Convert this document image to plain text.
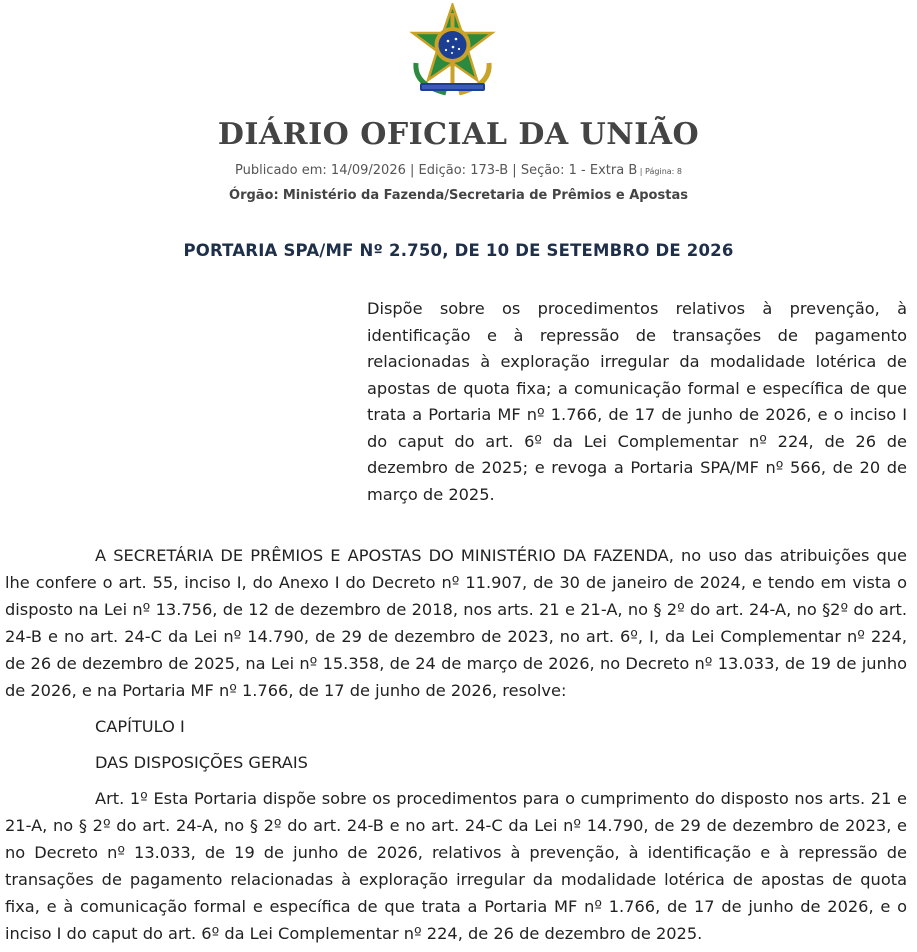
DIÁRIO OFICIAL DA UNIÃO
Publicado em: 14/09/2026 | Edição: 173-B | Seção: 1 - Extra B | Página: 8
Órgão: Ministério da Fazenda/Secretaria de Prêmios e Apostas
PORTARIA SPA/MF Nº 2.750, DE 10 DE SETEMBRO DE 2026
Dispõe sobre os procedimentos relativos à prevenção, à identificação e à repressão de transações de pagamento relacionadas à exploração irregular da modalidade lotérica de apostas de quota fixa; a comunicação formal e específica de que trata a Portaria MF nº 1.766, de 17 de junho de 2026, e o inciso I do caput do art. 6º da Lei Complementar nº 224, de 26 de dezembro de 2025; e revoga a Portaria SPA/MF nº 566, de 20 de março de 2025.

A SECRETÁRIA DE PRÊMIOS E APOSTAS DO MINISTÉRIO DA FAZENDA, no uso das atribuições que lhe confere o art. 55, inciso I, do Anexo I do Decreto nº 11.907, de 30 de janeiro de 2024, e tendo em vista o disposto na Lei nº 13.756, de 12 de dezembro de 2018, nos arts. 21 e 21-A, no § 2º do art. 24-A, no §2º do art. 24-B e no art. 24-C da Lei nº 14.790, de 29 de dezembro de 2023, no art. 6º, I, da Lei Complementar nº 224, de 26 de dezembro de 2025, na Lei nº 15.358, de 24 de março de 2026, no Decreto nº 13.033, de 19 de junho de 2026, e na Portaria MF nº 1.766, de 17 de junho de 2026, resolve:

CAPÍTULO I

DAS DISPOSIÇÕES GERAIS

Art. 1º Esta Portaria dispõe sobre os procedimentos para o cumprimento do disposto nos arts. 21 e 21-A, no § 2º do art. 24-A, no § 2º do art. 24-B e no art. 24-C da Lei nº 14.790, de 29 de dezembro de 2023, e no Decreto nº 13.033, de 19 de junho de 2026, relativos à prevenção, à identificação e à repressão de transações de pagamento relacionadas à exploração irregular da modalidade lotérica de apostas de quota fixa, e à comunicação formal e específica de que trata a Portaria MF nº 1.766, de 17 de junho de 2026, e o inciso I do caput do art. 6º da Lei Complementar nº 224, de 26 de dezembro de 2025.
